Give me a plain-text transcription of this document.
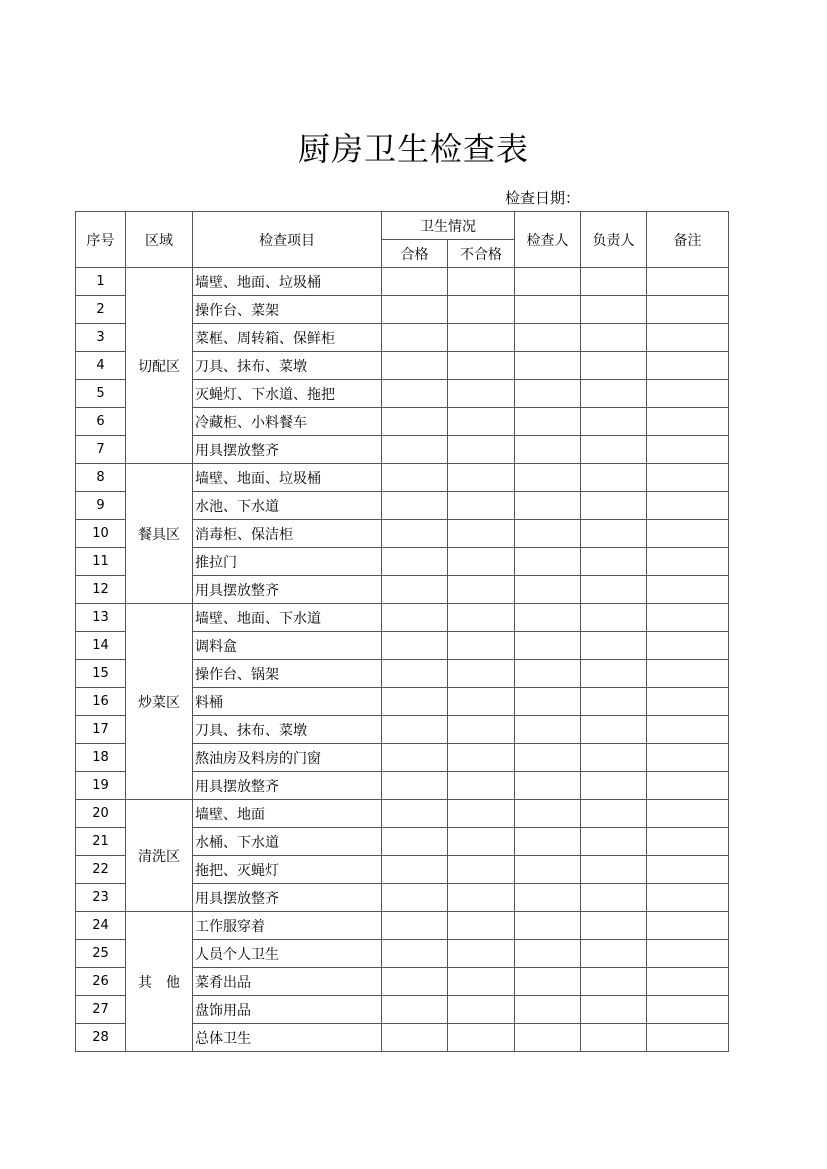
厨房卫生检查表
检查日期：
序号	区域	检查项目	卫生情况		检查人	负责人	备注
			合格	不合格			
1	切配区	墙壁、地面、垃圾桶					
2		操作台、菜架					
3		菜框、周转箱、保鲜柜					
4		刀具、抹布、菜墩					
5		灭蝇灯、下水道、拖把					
6		冷藏柜、小料餐车					
7		用具摆放整齐					
8	餐具区	墙壁、地面、垃圾桶					
9		水池、下水道					
10		消毒柜、保洁柜					
11		推拉门					
12		用具摆放整齐					
13	炒菜区	墙壁、地面、下水道					
14		调料盒					
15		操作台、锅架					
16		料桶					
17		刀具、抹布、菜墩					
18		熬油房及料房的门窗					
19		用具摆放整齐					
20	清洗区	墙壁、地面					
21		水桶、下水道					
22		拖把、灭蝇灯					
23		用具摆放整齐					
24	其　他	工作服穿着					
25		人员个人卫生					
26		菜肴出品					
27		盘饰用品					
28		总体卫生					
